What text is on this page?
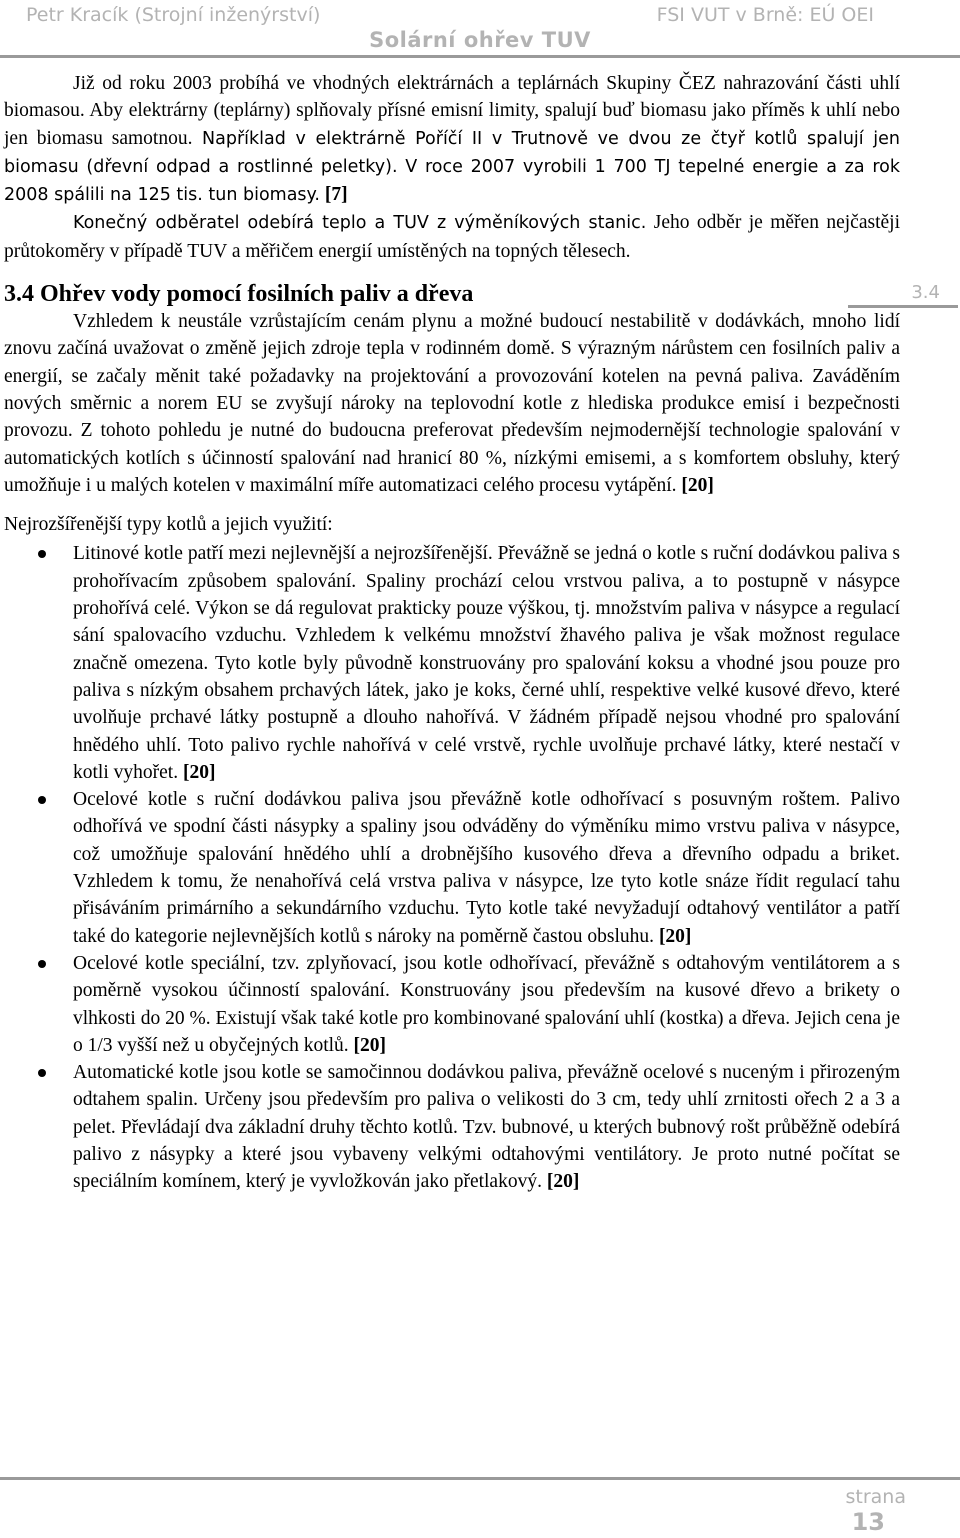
Petr Kracík (Strojní inženýrství)	FSI VUT v Brně: EÚ OEI
Solární ohřev TUV

Již od roku 2003 probíhá ve vhodných elektrárnách a teplárnách Skupiny ČEZ nahrazování části uhlí biomasou. Aby elektrárny (teplárny) splňovaly přísné emisní limity, spalují buď biomasu jako příměs k uhlí nebo jen biomasu samotnou. Například v elektrárně Poříčí II v Trutnově ve dvou ze čtyř kotlů spalují jen biomasu (dřevní odpad a rostlinné peletky). V roce 2007 vyrobili 1 700 TJ tepelné energie a za rok 2008 spálili na 125 tis. tun biomasy. [7]

Konečný odběratel odebírá teplo a TUV z výměníkových stanic. Jeho odběr je měřen nejčastěji průtokoměry v případě TUV a měřičem energií umístěných na topných tělesech.

3.4 Ohřev vody pomocí fosilních paliv a dřeva	3.4

Vzhledem k neustále vzrůstajícím cenám plynu a možné budoucí nestabilitě v dodávkách, mnoho lidí znovu začíná uvažovat o změně jejich zdroje tepla v rodinném domě. S výrazným nárůstem cen fosilních paliv a energií, se začaly měnit také požadavky na projektování a provozování kotelen na pevná paliva. Zaváděním nových směrnic a norem EU se zvyšují nároky na teplovodní kotle z hlediska produkce emisí i bezpečnosti provozu. Z tohoto pohledu je nutné do budoucna preferovat především nejmodernější technologie spalování v automatických kotlích s účinností spalování nad hranicí 80 %, nízkými emisemi, a s komfortem obsluhy, který umožňuje i u malých kotelen v maximální míře automatizaci celého procesu vytápění. [20]

Nejrozšířenější typy kotlů a jejich využití:

Litinové kotle patří mezi nejlevnější a nejrozšířenější. Převážně se jedná o kotle s ruční dodávkou paliva s prohořívacím způsobem spalování. Spaliny prochází celou vrstvou paliva, a to postupně v násypce prohořívá celé. Výkon se dá regulovat prakticky pouze výškou, tj. množstvím paliva v násypce a regulací sání spalovacího vzduchu. Vzhledem k velkému množství žhavého paliva je však možnost regulace značně omezena. Tyto kotle byly původně konstruovány pro spalování koksu a vhodné jsou pouze pro paliva s nízkým obsahem prchavých látek, jako je koks, černé uhlí, respektive velké kusové dřevo, které uvolňuje prchavé látky postupně a dlouho nahořívá. V žádném případě nejsou vhodné pro spalování hnědého uhlí. Toto palivo rychle nahořívá v celé vrstvě, rychle uvolňuje prchavé látky, které nestačí v kotli vyhořet. [20]

Ocelové kotle s ruční dodávkou paliva jsou převážně kotle odhořívací s posuvným roštem. Palivo odhořívá ve spodní části násypky a spaliny jsou odváděny do výměníku mimo vrstvu paliva v násypce, což umožňuje spalování hnědého uhlí a drobnějšího kusového dřeva a dřevního odpadu a briket. Vzhledem k tomu, že nenahořívá celá vrstva paliva v násypce, lze tyto kotle snáze řídit regulací tahu přisáváním primárního a sekundárního vzduchu. Tyto kotle také nevyžadují odtahový ventilátor a patří také do kategorie nejlevnějších kotlů s nároky na poměrně častou obsluhu. [20]

Ocelové kotle speciální, tzv. zplyňovací, jsou kotle odhořívací, převážně s odtahovým ventilátorem a s poměrně vysokou účinností spalování. Konstruovány jsou především na kusové dřevo a brikety o vlhkosti do 20 %. Existují však také kotle pro kombinované spalování uhlí (kostka) a dřeva. Jejich cena je o 1/3 vyšší než u obyčejných kotlů. [20]

Automatické kotle jsou kotle se samočinnou dodávkou paliva, převážně ocelové s nuceným i přirozeným odtahem spalin. Určeny jsou především pro paliva o velikosti do 3 cm, tedy uhlí zrnitosti ořech 2 a 3 a pelet. Převládají dva základní druhy těchto kotlů. Tzv. bubnové, u kterých bubnový rošt průběžně odebírá palivo z násypky a které jsou vybaveny velkými odtahovými ventilátory. Je proto nutné počítat se speciálním komínem, který je vyvložkován jako přetlakový. [20]

strana
13
